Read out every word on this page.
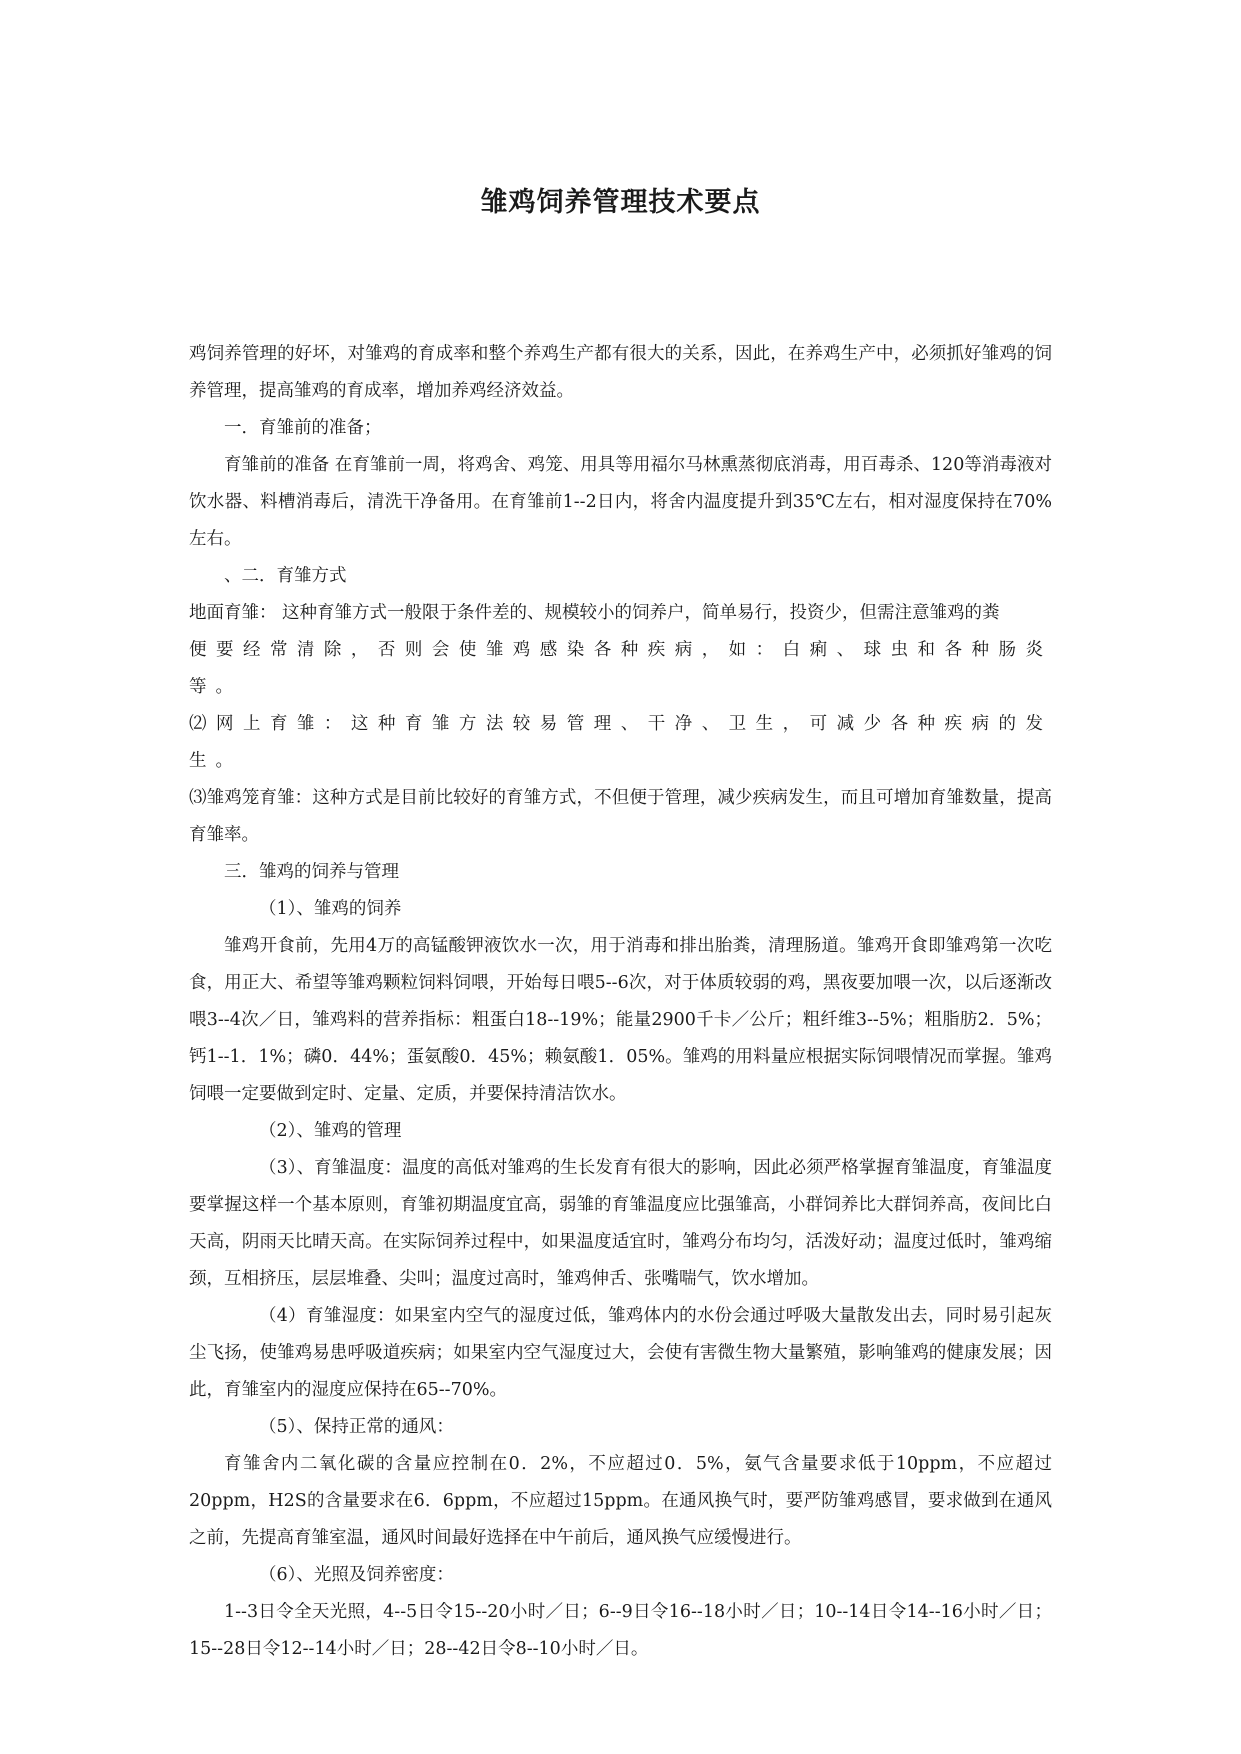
雏鸡饲养管理技术要点

鸡饲养管理的好坏，对雏鸡的育成率和整个养鸡生产都有很大的关系，因此，在养鸡生产中，必须抓好雏鸡的饲养管理，提高雏鸡的育成率，增加养鸡经济效益。

一．育雏前的准备；

育雏前的准备 在育雏前一周，将鸡舍、鸡笼、用具等用福尔马林熏蒸彻底消毒，用百毒杀、120等消毒液对饮水器、料槽消毒后，清洗干净备用。在育雏前1--2日内，将舍内温度提升到35℃左右，相对湿度保持在70%左右。

、二．育雏方式

地面育雏： 这种育雏方式一般限于条件差的、规模较小的饲养户，简单易行，投资少，但需注意雏鸡的粪

便要经常清除，否则会使雏鸡感染各种疾病，如：白痢、球虫和各种肠炎等。

⑵网上育雏：这种育雏方法较易管理、干净、卫生，可减少各种疾病的发生。

⑶雏鸡笼育雏：这种方式是目前比较好的育雏方式，不但便于管理，减少疾病发生，而且可增加育雏数量，提高育雏率。

三．雏鸡的饲养与管理

（1）、雏鸡的饲养

雏鸡开食前，先用4万的高锰酸钾液饮水一次，用于消毒和排出胎粪，清理肠道。雏鸡开食即雏鸡第一次吃食，用正大、希望等雏鸡颗粒饲料饲喂，开始每日喂5--6次，对于体质较弱的鸡，黑夜要加喂一次，以后逐渐改喂3--4次／日，雏鸡料的营养指标：粗蛋白18--19%；能量2900千卡／公斤；粗纤维3--5%；粗脂肪2．5%；钙1--1．1%；磷0．44%；蛋氨酸0．45%；赖氨酸1．05%。雏鸡的用料量应根据实际饲喂情况而掌握。雏鸡饲喂一定要做到定时、定量、定质，并要保持清洁饮水。

（2）、雏鸡的管理

（3）、育雏温度：温度的高低对雏鸡的生长发育有很大的影响，因此必须严格掌握育雏温度，育雏温度要掌握这样一个基本原则，育雏初期温度宜高，弱雏的育雏温度应比强雏高，小群饲养比大群饲养高，夜间比白天高，阴雨天比晴天高。在实际饲养过程中，如果温度适宜时，雏鸡分布均匀，活泼好动；温度过低时，雏鸡缩颈，互相挤压，层层堆叠、尖叫；温度过高时，雏鸡伸舌、张嘴喘气，饮水增加。

（4）育雏湿度：如果室内空气的湿度过低，雏鸡体内的水份会通过呼吸大量散发出去，同时易引起灰尘飞扬，使雏鸡易患呼吸道疾病；如果室内空气湿度过大，会使有害微生物大量繁殖，影响雏鸡的健康发展；因此，育雏室内的湿度应保持在65--70%。

（5）、保持正常的通风：

育雏舍内二氧化碳的含量应控制在0．2%，不应超过0．5%，氨气含量要求低于10ppm，不应超过20ppm，H2S的含量要求在6．6ppm，不应超过15ppm。在通风换气时，要严防雏鸡感冒，要求做到在通风之前，先提高育雏室温，通风时间最好选择在中午前后，通风换气应缓慢进行。

（6）、光照及饲养密度：

1--3日令全天光照，4--5日令15--20小时／日；6--9日令16--18小时／日；10--14日令14--16小时／日；15--28日令12--14小时／日；28--42日令8--10小时／日。
